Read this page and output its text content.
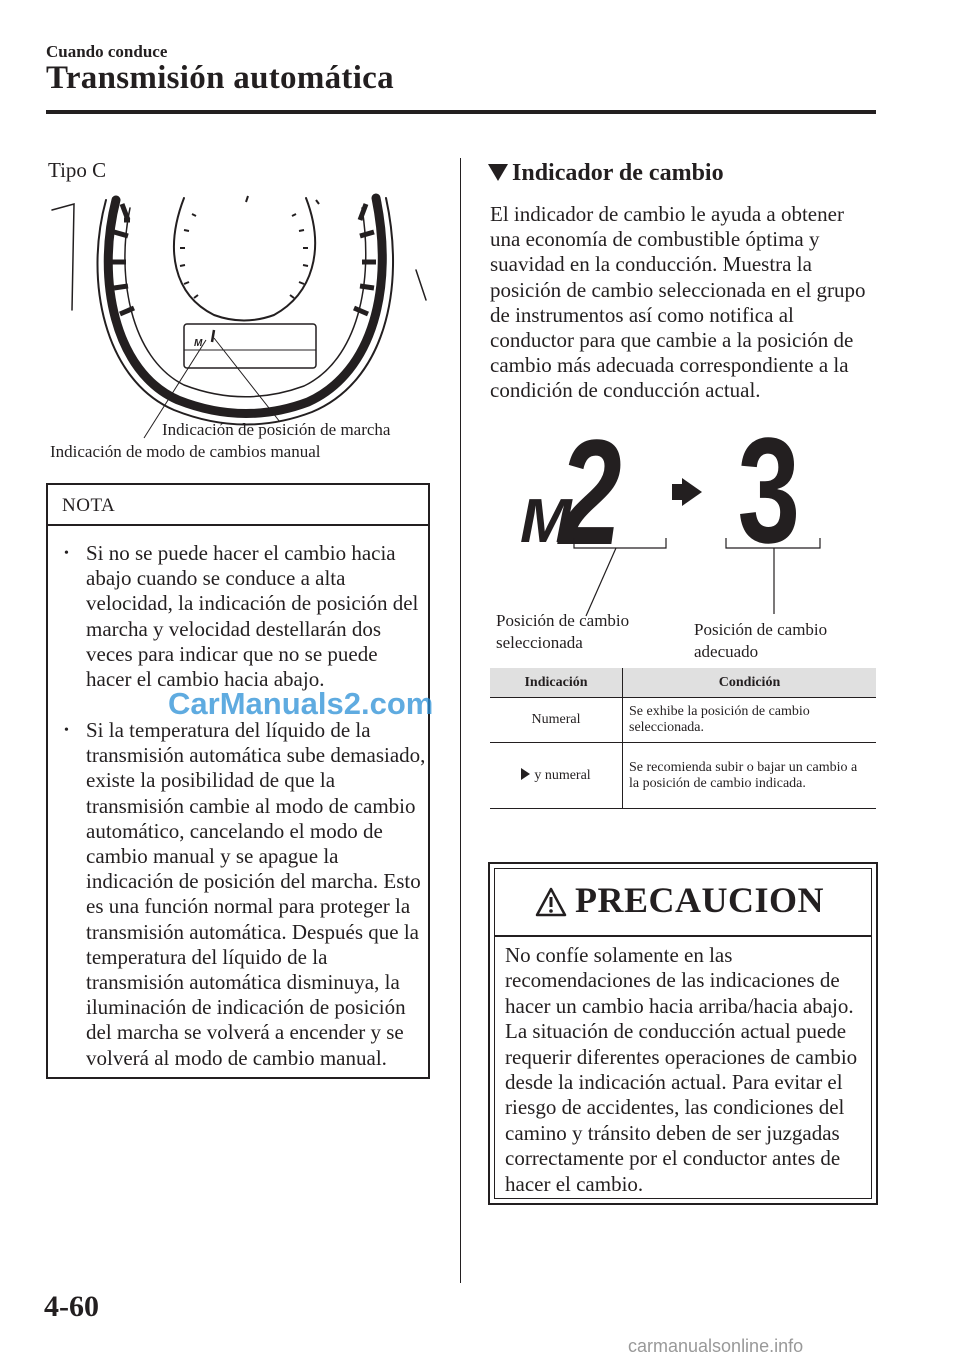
Cuando conduce
Transmisión automática
Tipo C
M
Indicación de posición de marcha
Indicación de modo de cambios manual
NOTA
• Si no se puede hacer el cambio hacia abajo cuando se conduce a alta velocidad, la indicación de posición del marcha y velocidad destellarán dos veces para indicar que no se puede hacer el cambio hacia abajo.
• Si la temperatura del líquido de la transmisión automática sube demasiado, existe la posibilidad de que la transmisión cambie al modo de cambio automático, cancelando el modo de cambio manual y se apague la indicación de posición del marcha. Esto es una función normal para proteger la transmisión automática. Después que la temperatura del líquido de la transmisión automática disminuya, la iluminación de indicación de posición del marcha se volverá a encender y se volverá al modo de cambio manual.
Indicador de cambio
El indicador de cambio le ayuda a obtener una economía de combustible óptima y suavidad en la conducción. Muestra la posición de cambio seleccionada en el grupo de instrumentos así como notifica al conductor para que cambie a la posición de cambio más adecuada correspondiente a la condición de conducción actual.
M
2 3
Posición de cambio
seleccionada
Posición de cambio
adecuado
Indicación	Condición
Numeral	Se exhibe la posición de cambio seleccionada.
y numeral	Se recomienda subir o bajar un cambio a la posición de cambio indicada.
PRECAUCION
No confíe solamente en las recomendaciones de las indicaciones de hacer un cambio hacia arriba/hacia abajo. La situación de conducción actual puede requerir diferentes operaciones de cambio desde la indicación actual. Para evitar el riesgo de accidentes, las condiciones del camino y tránsito deben de ser juzgadas correctamente por el conductor antes de hacer el cambio.
4-60
CarManuals2.com
carmanualsonline.info
